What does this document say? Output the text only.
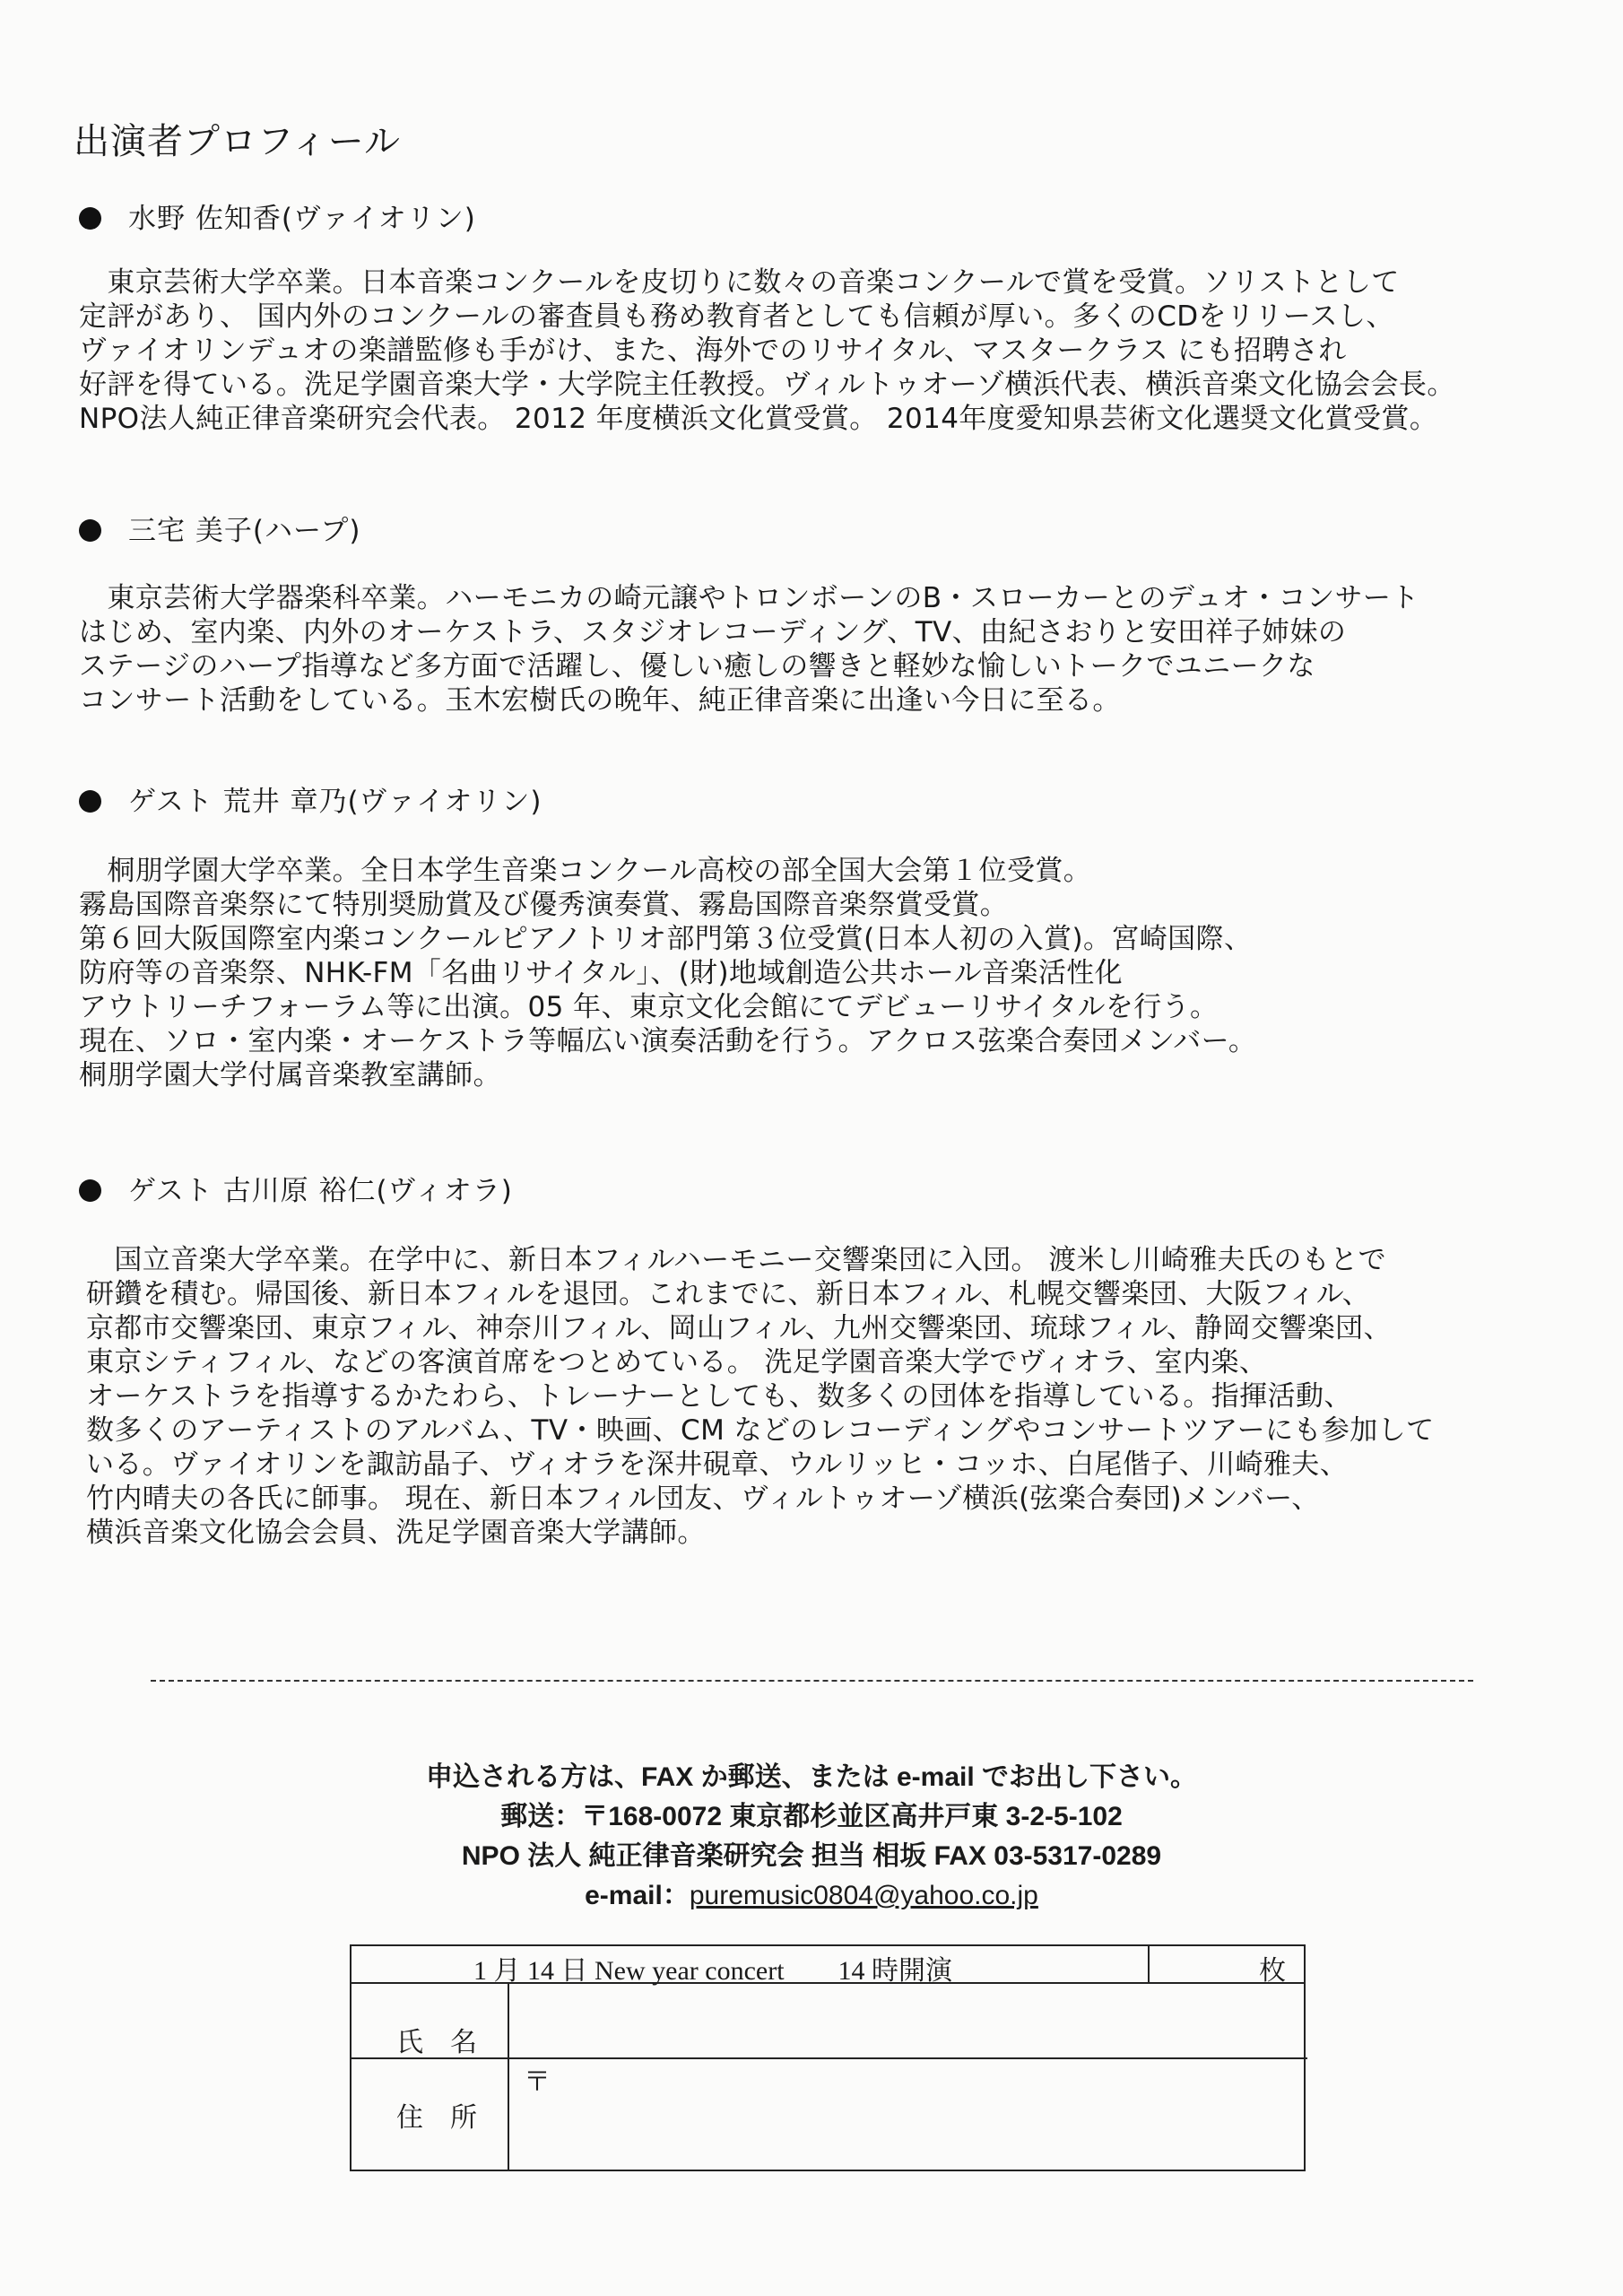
出演者プロフィール
水野 佐知香(ヴァイオリン)
　東京芸術大学卒業。日本音楽コンクールを皮切りに数々の音楽コンクールで賞を受賞。ソリストとして
定評があり、 国内外のコンクールの審査員も務め教育者としても信頼が厚い。多くのCDをリリースし、
ヴァイオリンデュオの楽譜監修も手がけ、また、海外でのリサイタル、マスタークラス にも招聘され
好評を得ている。洗足学園音楽大学・大学院主任教授。ヴィルトゥオーゾ横浜代表、横浜音楽文化協会会長。
NPO法人純正律音楽研究会代表。 2012 年度横浜文化賞受賞。 2014年度愛知県芸術文化選奨文化賞受賞。
三宅 美子(ハープ)
　東京芸術大学器楽科卒業。ハーモニカの崎元譲やトロンボーンのB・スローカーとのデュオ・コンサート
はじめ、室内楽、内外のオーケストラ、スタジオレコーディング、TV、由紀さおりと安田祥子姉妹の
ステージのハープ指導など多方面で活躍し、優しい癒しの響きと軽妙な愉しいトークでユニークな
コンサート活動をしている。玉木宏樹氏の晩年、純正律音楽に出逢い今日に至る。
ゲスト 荒井 章乃(ヴァイオリン)
　桐朋学園大学卒業。全日本学生音楽コンクール高校の部全国大会第１位受賞。
霧島国際音楽祭にて特別奨励賞及び優秀演奏賞、霧島国際音楽祭賞受賞。
第６回大阪国際室内楽コンクールピアノトリオ部門第３位受賞(日本人初の入賞)。宮崎国際、
防府等の音楽祭、NHK-FM「名曲リサイタル」、(財)地域創造公共ホール音楽活性化
アウトリーチフォーラム等に出演。05 年、東京文化会館にてデビューリサイタルを行う。
現在、ソロ・室内楽・オーケストラ等幅広い演奏活動を行う。アクロス弦楽合奏団メンバー。
桐朋学園大学付属音楽教室講師。
ゲスト 古川原 裕仁(ヴィオラ)
　国立音楽大学卒業。在学中に、新日本フィルハーモニー交響楽団に入団。 渡米し川崎雅夫氏のもとで
研鑽を積む。帰国後、新日本フィルを退団。これまでに、新日本フィル、札幌交響楽団、大阪フィル、
京都市交響楽団、東京フィル、神奈川フィル、岡山フィル、九州交響楽団、琉球フィル、静岡交響楽団、
東京シティフィル、などの客演首席をつとめている。 洗足学園音楽大学でヴィオラ、室内楽、
オーケストラを指導するかたわら、トレーナーとしても、数多くの団体を指導している。指揮活動、
数多くのアーティストのアルバム、TV・映画、CM などのレコーディングやコンサートツアーにも参加して
いる。ヴァイオリンを諏訪晶子、ヴィオラを深井硯章、ウルリッヒ・コッホ、白尾偕子、川崎雅夫、
竹内晴夫の各氏に師事。 現在、新日本フィル団友、ヴィルトゥオーゾ横浜(弦楽合奏団)メンバー、
横浜音楽文化協会会員、洗足学園音楽大学講師。
申込される方は、FAX か郵送、または e-mail でお出し下さい。
郵送：〒168-0072 東京都杉並区高井戸東 3-2-5-102
NPO 法人 純正律音楽研究会 担当 相坂 FAX 03-5317-0289
e-mail：puremusic0804@yahoo.co.jp
1 月 14 日 New year concert　　14 時開演	枚
氏　名
住　所
〒
